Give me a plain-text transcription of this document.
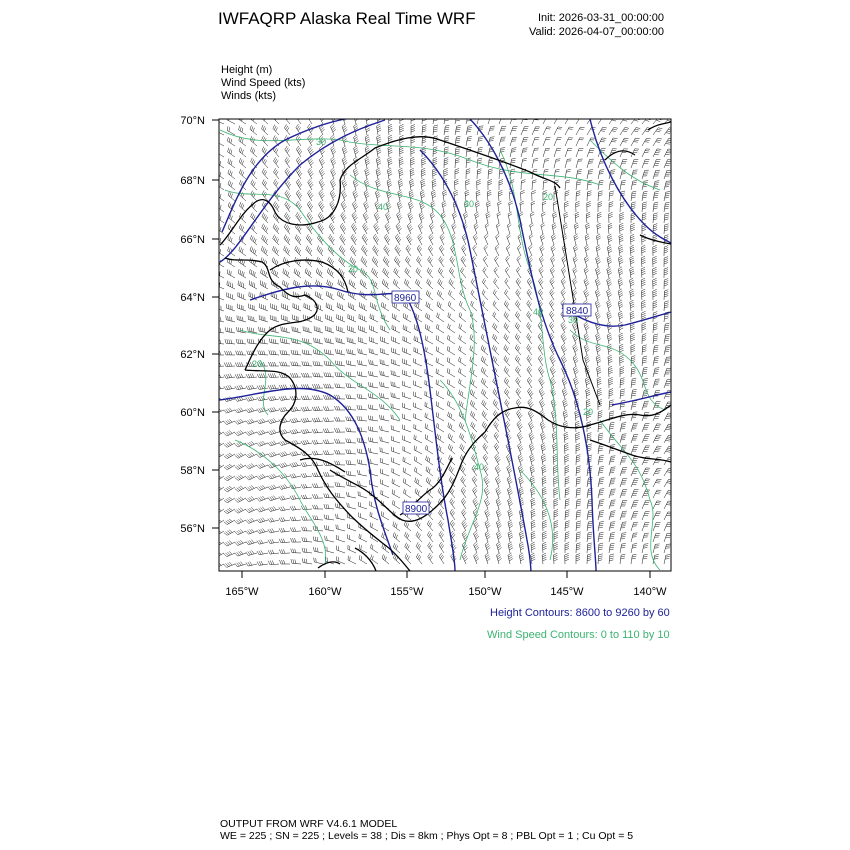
IWFAQRP Alaska Real Time WRF	Init: 2026-03-31_00:00:00
Valid: 2026-04-07_00:00:00
Height (m)
Wind Speed (kts)
Winds (kts)
70°N
68°N
66°N
64°N
62°N
60°N
58°N
56°N
165°W	160°W	155°W	150°W	145°W	140°W
8960
8840
8900
30
20
40	30
20
40
20
30
40
20
Height Contours: 8600 to 9260 by 60
Wind Speed Contours: 0 to 110 by 10
OUTPUT FROM WRF V4.6.1 MODEL
WE = 225 ; SN = 225 ; Levels = 38 ; Dis = 8km ; Phys Opt = 8 ; PBL Opt = 1 ; Cu Opt = 5
